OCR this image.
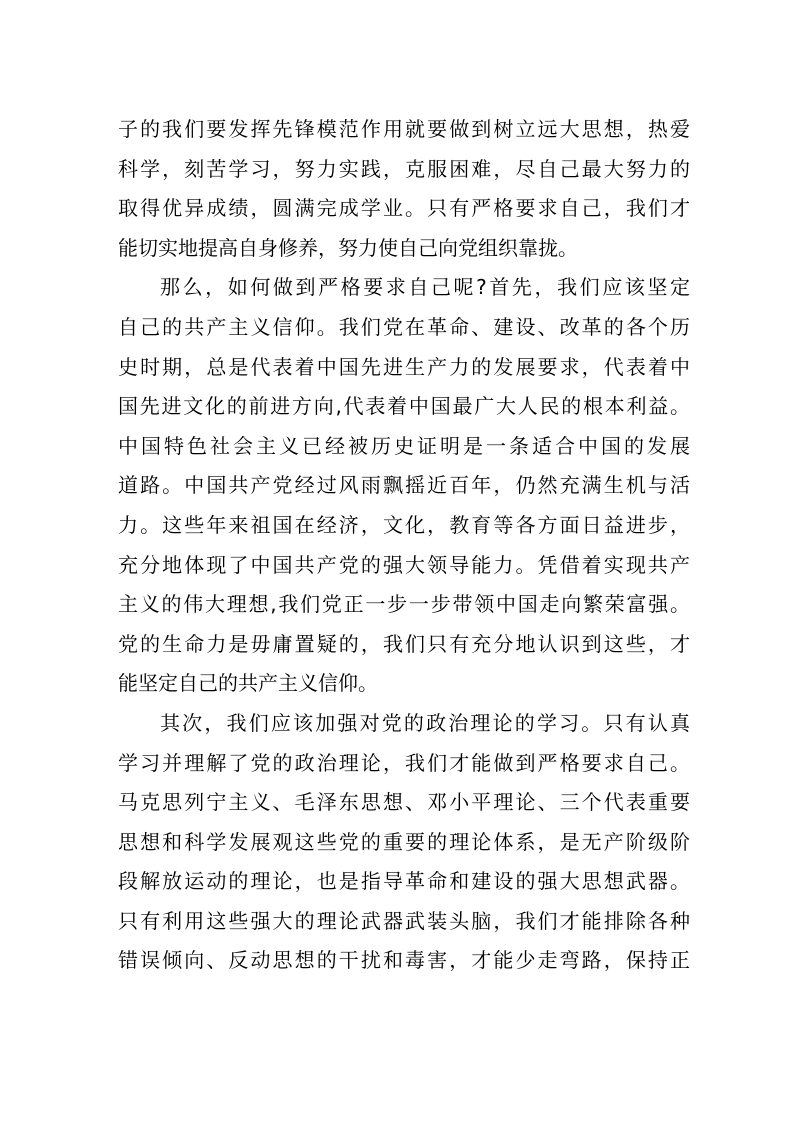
子的我们要发挥先锋模范作用就要做到树立远大思想，热爱
科学，刻苦学习，努力实践，克服困难，尽自己最大努力的
取得优异成绩，圆满完成学业。只有严格要求自己，我们才
能切实地提高自身修养，努力使自己向党组织靠拢。
那么，如何做到严格要求自己呢?首先，我们应该坚定
自己的共产主义信仰。我们党在革命、建设、改革的各个历
史时期，总是代表着中国先进生产力的发展要求，代表着中
国先进文化的前进方向,代表着中国最广大人民的根本利益。
中国特色社会主义已经被历史证明是一条适合中国的发展
道路。中国共产党经过风雨飘摇近百年，仍然充满生机与活
力。这些年来祖国在经济，文化，教育等各方面日益进步，
充分地体现了中国共产党的强大领导能力。凭借着实现共产
主义的伟大理想,我们党正一步一步带领中国走向繁荣富强。
党的生命力是毋庸置疑的，我们只有充分地认识到这些，才
能坚定自己的共产主义信仰。
其次，我们应该加强对党的政治理论的学习。只有认真
学习并理解了党的政治理论，我们才能做到严格要求自己。
马克思列宁主义、毛泽东思想、邓小平理论、三个代表重要
思想和科学发展观这些党的重要的理论体系，是无产阶级阶
段解放运动的理论，也是指导革命和建设的强大思想武器。
只有利用这些强大的理论武器武装头脑，我们才能排除各种
错误倾向、反动思想的干扰和毒害，才能少走弯路，保持正
